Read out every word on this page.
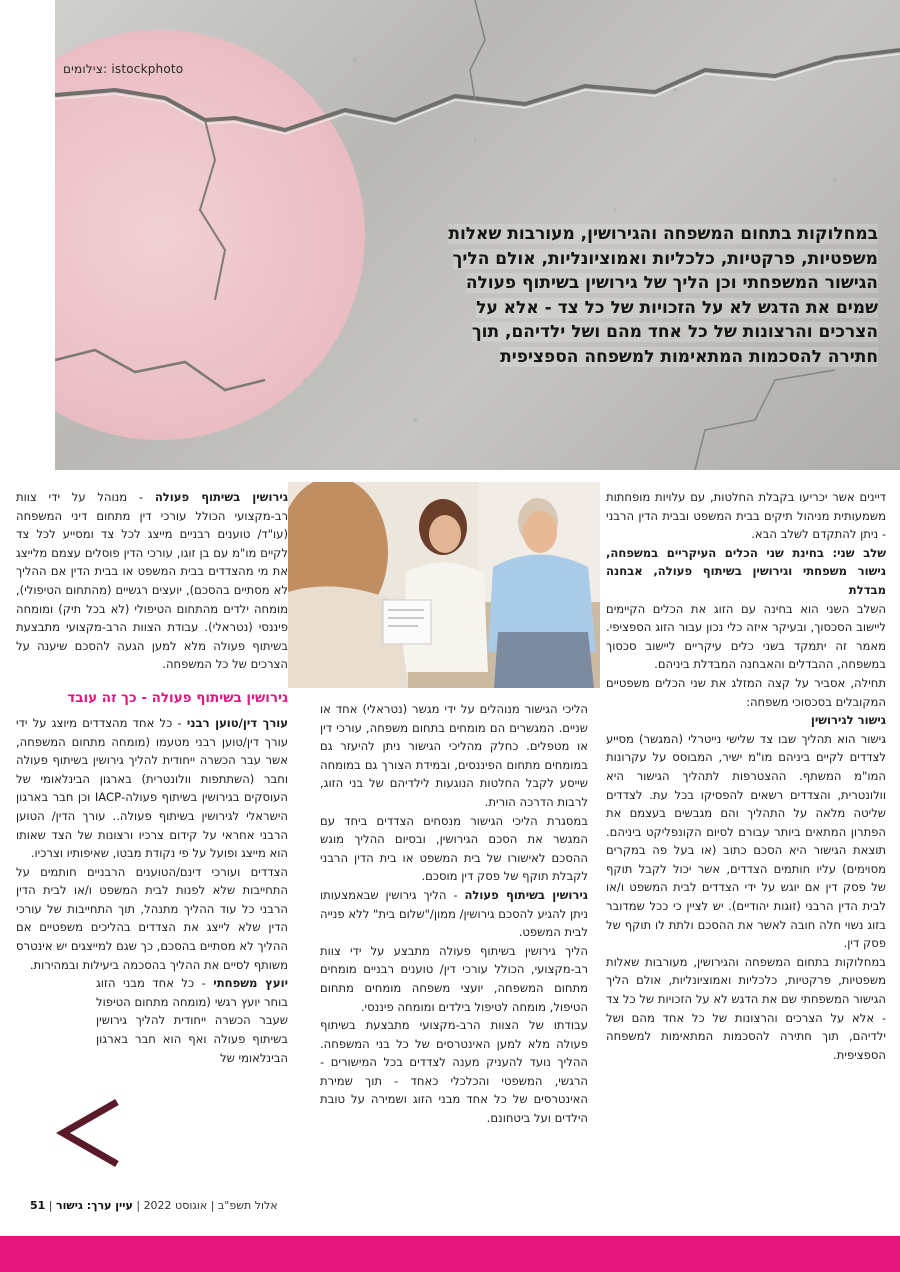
צילומים: istockphoto
במחלוקות בתחום המשפחה והגירושין, מעורבות שאלות משפטיות, פרקטיות, כלכליות ואמוציונליות, אולם הליך הגישור המשפחתי וכן הליך של גירושין בשיתוף פעולה שמים את הדגש לא על הזכויות של כל צד - אלא על הצרכים והרצונות של כל אחד מהם ושל ילדיהם, תוך חתירה להסכמות המתאימות למשפחה הספציפית

דיינים אשר יכריעו בקבלת החלטות, עם עלויות מופחתות משמעותית מניהול תיקים בבית המשפט ובבית הדין הרבני - ניתן להתקדם לשלב הבא.

שלב שני: בחינת שני הכלים העיקריים במשפחה, גישור משפחתי וגירושין בשיתוף פעולה, אבחנה מבדלת

השלב השני הוא בחינה עם הזוג את הכלים הקיימים ליישוב הסכסוך, ובעיקר איזה כלי נכון עבור הזוג הספציפי. מאמר זה יתמקד בשני כלים עיקריים ליישוב סכסוך במשפחה, ההבדלים והאבחנה המבדלת ביניהם.

תחילה, אסביר על קצה המזלג את שני הכלים משפטיים המקובלים בסכסוכי משפחה:

גישור לגירושין

גישור הוא תהליך שבו צד שלישי נייטרלי (המגשר) מסייע לצדדים לקיים ביניהם מו"מ ישיר, המבוסס על עקרונות המו"מ המשתף. ההצטרפות לתהליך הגישור היא וולונטרית, והצדדים רשאים להפסיקו בכל עת. לצדדים שליטה מלאה על התהליך והם מגבשים בעצמם את הפתרון המתאים ביותר עבורם לסיום הקונפליקט ביניהם. תוצאת הגישור היא הסכם כתוב (או בעל פה במקרים מסוימים) עליו חותמים הצדדים, אשר יכול לקבל תוקף של פסק דין אם יוגש על ידי הצדדים לבית המשפט ו/או לבית הדין הרבני (זוגות יהודיים). יש לציין כי ככל שמדובר בזוג נשוי חלה חובה לאשר את ההסכם ולתת לו תוקף של פסק דין.

במחלוקות בתחום המשפחה והגירושין, מעורבות שאלות משפטיות, פרקטיות, כלכליות ואמוציונליות, אולם הליך הגישור המשפחתי שם את הדגש לא על הזכויות של כל צד - אלא על הצרכים והרצונות של כל אחד מהם ושל ילדיהם, תוך חתירה להסכמות המתאימות למשפחה הספציפית.

הליכי הגישור מנוהלים על ידי מגשר (נטראלי) אחד או שניים. המגשרים הם מומחים בתחום משפחה, עורכי דין או מטפלים. כחלק מהליכי הגישור ניתן להיעזר גם במומחים מתחום הפיננסים, ובמידת הצורך גם במומחה שייסע לקבל החלטות הנוגעות לילדיהם של בני הזוג, לרבות הדרכה הורית.

במסגרת הליכי הגישור מנסחים הצדדים ביחד עם המגשר את הסכם הגירושין, ובסיום ההליך מוגש ההסכם לאישורו של בית המשפט או בית הדין הרבני לקבלת תוקף של פסק דין מוסכם.

גירושין בשיתוף פעולה - הליך גירושין שבאמצעותו ניתן להגיע להסכם גירושין/ ממון/"שלום בית" ללא פנייה לבית המשפט.

הליך גירושין בשיתוף פעולה מתבצע על ידי צוות רב-מקצועי, הכולל עורכי דין/ טוענים רבניים מומחים מתחום המשפחה, יועצי משפחה מומחים מתחום הטיפול, מומחה לטיפול בילדים ומומחה פיננסי.

עבודתו של הצוות הרב-מקצועי מתבצעת בשיתוף פעולה מלא למען האינטרסים של כל בני המשפחה. ההליך נועד להעניק מענה לצדדים בכל המישורים - הרגשי, המשפטי והכלכלי כאחד - תוך שמירת האינטרסים של כל אחד מבני הזוג ושמירה על טובת הילדים ועל ביטחונם.

גירושין בשיתוף פעולה - מנוהל על ידי צוות רב-מקצועי הכולל עורכי דין מתחום דיני המשפחה (עו"ד/ טוענים רבניים מייצג לכל צד ומסייע לכל צד לקיים מו"מ עם בן זוגו, עורכי הדין פוסלים עצמם מלייצג את מי מהצדדים בבית המשפט או בבית הדין אם ההליך לא מסתיים בהסכם), יועצים רגשיים (מהתחום הטיפולי), מומחה ילדים מהתחום הטיפולי (לא בכל תיק) ומומחה פיננסי (נטראלי). עבודת הצוות הרב-מקצועי מתבצעת בשיתוף פעולה מלא למען הגעה להסכם שיענה על הצרכים של כל המשפחה.

גירושין בשיתוף פעולה - כך זה עובד

עורך דין/טוען רבני - כל אחד מהצדדים מיוצג על ידי עורך דין/טוען רבני מטעמו (מומחה מתחום המשפחה, אשר עבר הכשרה ייחודית להליך גירושין בשיתוף פעולה וחבר (השתתפות וולונטרית) בארגון הבינלאומי של העוסקים בגירושין בשיתוף פעולה-IACP וכן חבר בארגון הישראלי לגירושין בשיתוף פעולה.. עורך הדין/ הטוען הרבני אחראי על קידום צרכיו ורצונות של הצד שאותו הוא מייצג ופועל על פי נקודת מבטו, שאיפותיו וצרכיו.

הצדדים ועורכי דינם/הטוענים הרבניים חותמים על התחייבות שלא לפנות לבית המשפט ו/או לבית הדין הרבני כל עוד ההליך מתנהל, תוך התחייבות של עורכי הדין שלא לייצג את הצדדים בהליכים משפטיים אם ההליך לא מסתיים בהסכם, כך שגם למייצגים יש אינטרס משותף לסיים את ההליך בהסכמה ביעילות ובמהירות.

יועץ משפחתי - כל אחד מבני הזוג בוחר יועץ רגשי (מומחה מתחום הטיפול שעבר הכשרה ייחודית להליך גירושין בשיתוף פעולה ואף הוא חבר בארגון הבינלאומי של

אלול תשפ"ב | אוגוסט 2022 | עיין ערך: גישור | 51
